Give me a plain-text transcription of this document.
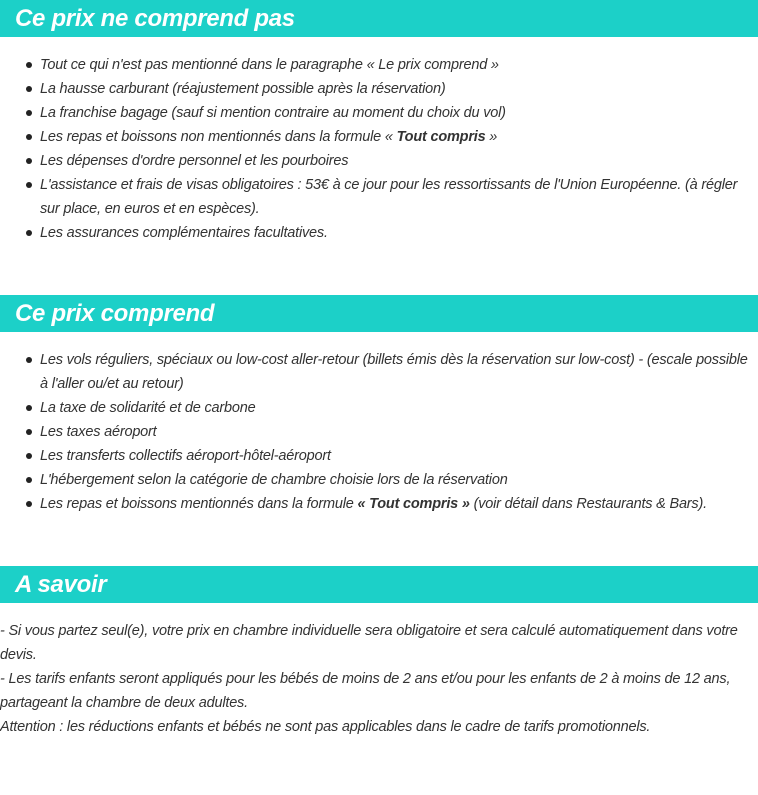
Ce prix ne comprend pas
Tout ce qui n'est pas mentionné dans le paragraphe « Le prix comprend »
La hausse carburant (réajustement possible après la réservation)
La franchise bagage (sauf si mention contraire au moment du choix du vol)
Les repas et boissons non mentionnés dans la formule « Tout compris »
Les dépenses d'ordre personnel et les pourboires
L'assistance et frais de visas obligatoires : 53€ à ce jour pour les ressortissants de l'Union Européenne. (à régler sur place, en euros et en espèces).
Les assurances complémentaires facultatives.
Ce prix comprend
Les vols réguliers, spéciaux ou low-cost aller-retour (billets émis dès la réservation sur low-cost) - (escale possible à l'aller ou/et au retour)
La taxe de solidarité et de carbone
Les taxes aéroport
Les transferts collectifs aéroport-hôtel-aéroport
L'hébergement selon la catégorie de chambre choisie lors de la réservation
Les repas et boissons mentionnés dans la formule « Tout compris » (voir détail dans Restaurants & Bars).
A savoir

- Si vous partez seul(e), votre prix en chambre individuelle sera obligatoire et sera calculé automatiquement dans votre devis.

- Les tarifs enfants seront appliqués pour les bébés de moins de 2 ans et/ou pour les enfants de 2 à moins de 12 ans, partageant la chambre de deux adultes.

Attention : les réductions enfants et bébés ne sont pas applicables dans le cadre de tarifs promotionnels.
